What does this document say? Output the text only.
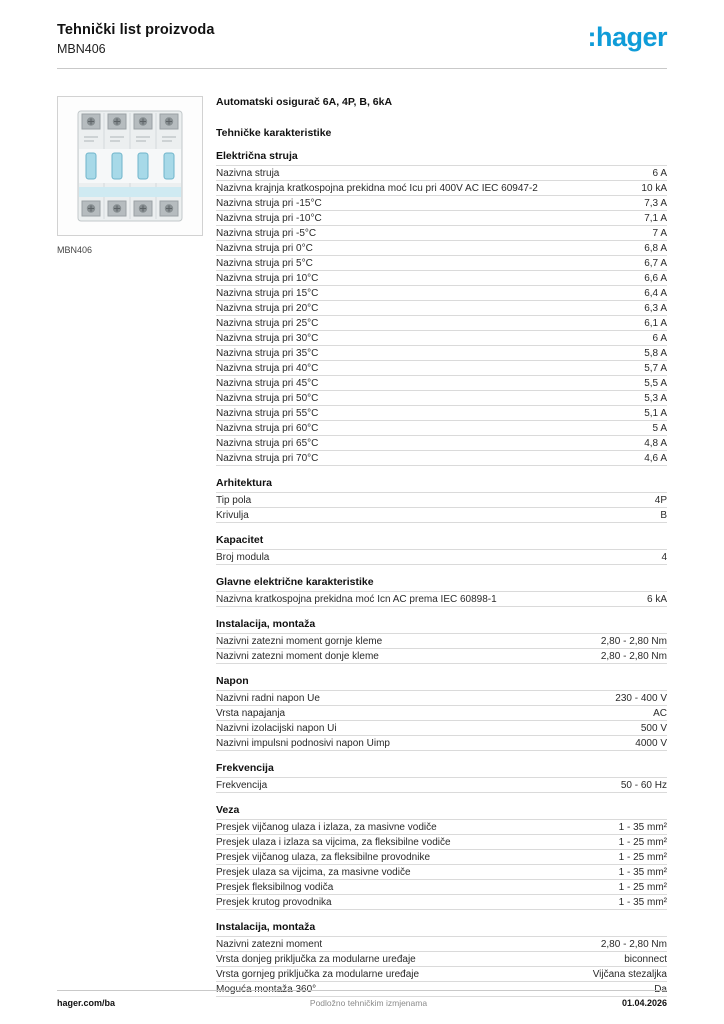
Tehnički list proizvoda
MBN406	:hager
MBN406
Automatski osigurač 6A, 4P, B, 6kA
Tehničke karakteristike
Električna struja
Nazivna struja	6 A
Nazivna krajnja kratkospojna prekidna moć Icu pri 400V AC IEC 60947-2	10 kA
Nazivna struja pri -15°C	7,3 A
Nazivna struja pri -10°C	7,1 A
Nazivna struja pri -5°C	7 A
Nazivna struja pri 0°C	6,8 A
Nazivna struja pri 5°C	6,7 A
Nazivna struja pri 10°C	6,6 A
Nazivna struja pri 15°C	6,4 A
Nazivna struja pri 20°C	6,3 A
Nazivna struja pri 25°C	6,1 A
Nazivna struja pri 30°C	6 A
Nazivna struja pri 35°C	5,8 A
Nazivna struja pri 40°C	5,7 A
Nazivna struja pri 45°C	5,5 A
Nazivna struja pri 50°C	5,3 A
Nazivna struja pri 55°C	5,1 A
Nazivna struja pri 60°C	5 A
Nazivna struja pri 65°C	4,8 A
Nazivna struja pri 70°C	4,6 A
Arhitektura
Tip pola	4P
Krivulja	B
Kapacitet
Broj modula	4
Glavne električne karakteristike
Nazivna kratkospojna prekidna moć Icn AC prema IEC 60898-1	6 kA
Instalacija, montaža
Nazivni zatezni moment gornje kleme	2,80 - 2,80 Nm
Nazivni zatezni moment donje kleme	2,80 - 2,80 Nm
Napon
Nazivni radni napon Ue	230 - 400 V
Vrsta napajanja	AC
Nazivni izolacijski napon Ui	500 V
Nazivni impulsni podnosivi napon Uimp	4000 V
Frekvencija
Frekvencija	50 - 60 Hz
Veza
Presjek vijčanog ulaza i izlaza, za masivne vodiče	1 - 35 mm²
Presjek ulaza i izlaza sa vijcima, za fleksibilne vodiče	1 - 25 mm²
Presjek vijčanog ulaza, za fleksibilne provodnike	1 - 25 mm²
Presjek ulaza sa vijcima, za masivne vodiče	1 - 35 mm²
Presjek fleksibilnog vodiča	1 - 25 mm²
Presjek krutog provodnika	1 - 35 mm²
Instalacija, montaža
Nazivni zatezni moment	2,80 - 2,80 Nm
Vrsta donjeg priključka za modularne uređaje	biconnect
Vrsta gornjeg priključka za modularne uređaje	Vijčana stezaljka
Moguća montaža 360°	Da
hager.com/ba	Podložno tehničkim izmjenama	01.04.2026
